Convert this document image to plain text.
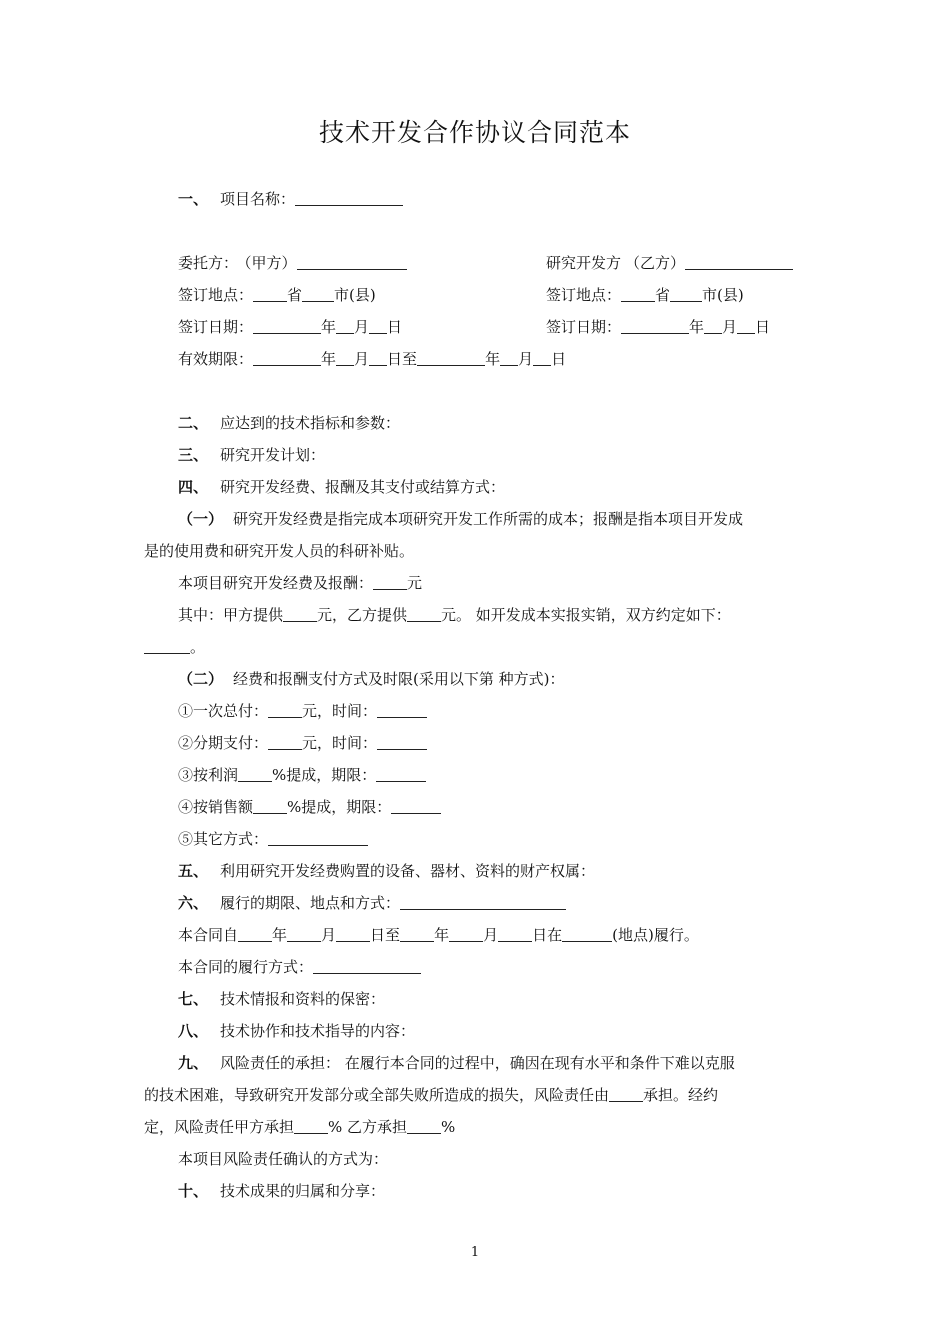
技术开发合作协议合同范本
一、 项目名称：
委托方： （甲方）	研究开发方 （乙方）
签订地点： 省 市(县)	签订地点： 省 市(县)
签订日期：	年 月 日	签订日期：	年 月 日
有效期限：	年 月 日至	年 月 日
二、 应达到的技术指标和参数：
三、 研究开发计划：
四、 研究开发经费、报酬及其支付或结算方式：
（一） 研究开发经费是指完成本项研究开发工作所需的成本；报酬是指本项目开发成
是的使用费和研究开发人员的科研补贴。
本项目研究开发经费及报酬： 元
其中：甲方提供 元，乙方提供 元。 如开发成本实报实销，双方约定如下：
。
（二） 经费和报酬支付方式及时限(采用以下第 种方式)：
①一次总付： 元，时间：
②分期支付： 元，时间：
③按利润 %提成，期限：
④按销售额 %提成，期限：
⑤其它方式：
五、 利用研究开发经费购置的设备、器材、资料的财产权属：
六、 履行的期限、地点和方式：
本合同自 年 月 日至 年 月 日在	(地点)履行。
本合同的履行方式：
七、 技术情报和资料的保密：
八、 技术协作和技术指导的内容：
九、 风险责任的承担： 在履行本合同的过程中，确因在现有水平和条件下难以克服
的技术困难，导致研究开发部分或全部失败所造成的损失，风险责任由 承担。经约
定，风险责任甲方承担 % 乙方承担 %
本项目风险责任确认的方式为：
十、 技术成果的归属和分享：
1
